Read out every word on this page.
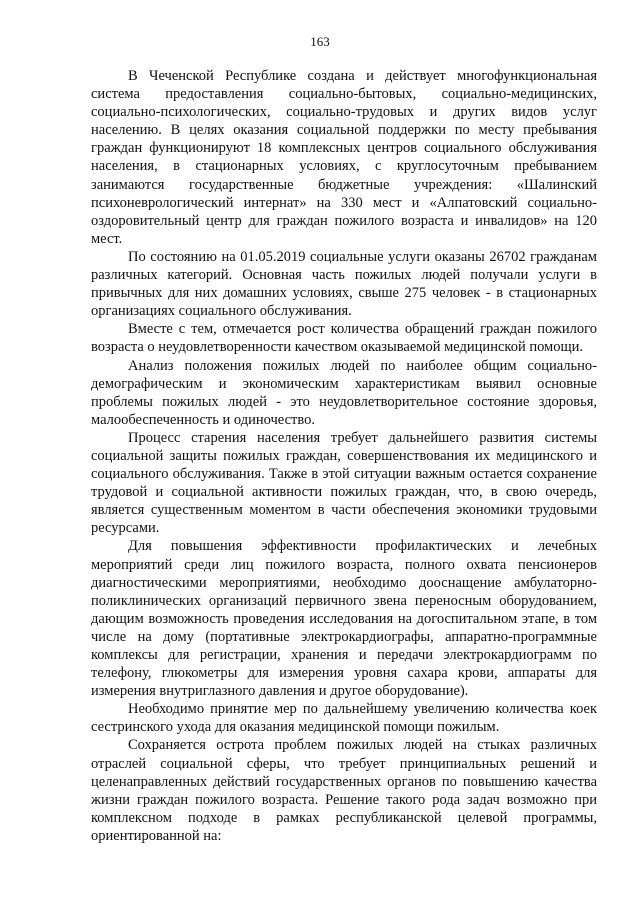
163

В Чеченской Республике создана и действует многофункциональная система предоставления социально-бытовых, социально-медицинских, социально-психологических, социально-трудовых и других видов услуг населению. В целях оказания социальной поддержки по месту пребывания граждан функционируют 18 комплексных центров социального обслуживания населения, в стационарных условиях, с круглосуточным пребыванием занимаются государственные бюджетные учреждения: «Шалинский психоневрологический интернат» на 330 мест и «Алпатовский социально-оздоровительный центр для граждан пожилого возраста и инвалидов» на 120 мест.

По состоянию на 01.05.2019 социальные услуги оказаны 26702 гражданам различных категорий. Основная часть пожилых людей получали услуги в привычных для них домашних условиях, свыше 275 человек - в стационарных организациях социального обслуживания.

Вместе с тем, отмечается рост количества обращений граждан пожилого возраста о неудовлетворенности качеством оказываемой медицинской помощи.

Анализ положения пожилых людей по наиболее общим социально-демографическим и экономическим характеристикам выявил основные проблемы пожилых людей - это неудовлетворительное состояние здоровья, малообеспеченность и одиночество.

Процесс старения населения требует дальнейшего развития системы социальной защиты пожилых граждан, совершенствования их медицинского и социального обслуживания. Также в этой ситуации важным остается сохранение трудовой и социальной активности пожилых граждан, что, в свою очередь, является существенным моментом в части обеспечения экономики трудовыми ресурсами.

Для повышения эффективности профилактических и лечебных мероприятий среди лиц пожилого возраста, полного охвата пенсионеров диагностическими мероприятиями, необходимо дооснащение амбулаторно-поликлинических организаций первичного звена переносным оборудованием, дающим возможность проведения исследования на догоспитальном этапе, в том числе на дому (портативные электрокардиографы, аппаратно-программные комплексы для регистрации, хранения и передачи электрокардиограмм по телефону, глюкометры для измерения уровня сахара крови, аппараты для измерения внутриглазного давления и другое оборудование).

Необходимо принятие мер по дальнейшему увеличению количества коек сестринского ухода для оказания медицинской помощи пожилым.

Сохраняется острота проблем пожилых людей на стыках различных отраслей социальной сферы, что требует принципиальных решений и целенаправленных действий государственных органов по повышению качества жизни граждан пожилого возраста. Решение такого рода задач возможно при комплексном подходе в рамках республиканской целевой программы, ориентированной на:
